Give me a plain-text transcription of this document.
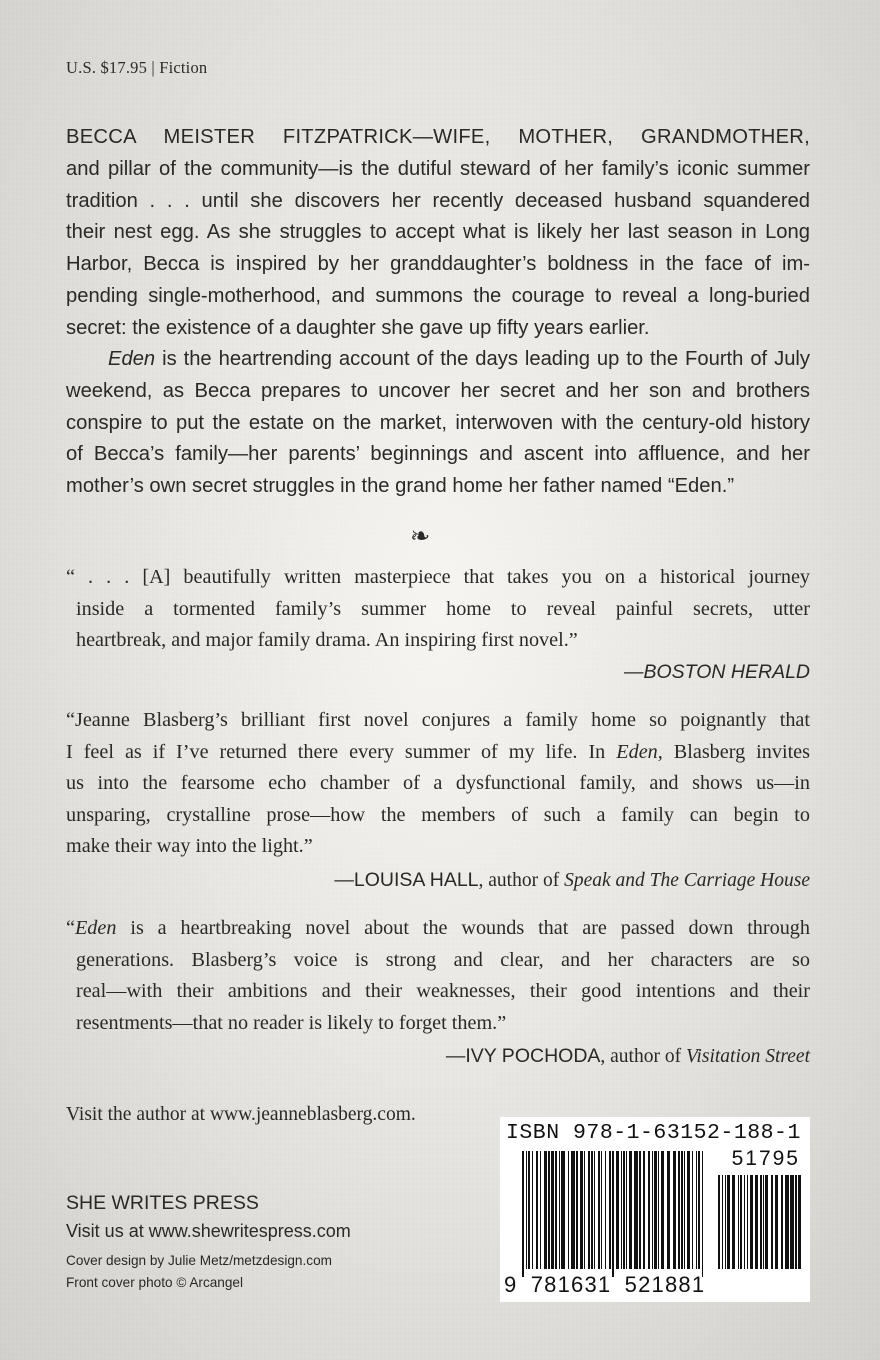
U.S. $17.95 | Fiction
BECCA MEISTER FITZPATRICK—WIFE, MOTHER, GRANDMOTHER,
and pillar of the community—is the dutiful steward of her family’s iconic summer
tradition . . . until she discovers her recently deceased husband squandered
their nest egg. As she struggles to accept what is likely her last season in Long
Harbor, Becca is inspired by her granddaughter’s boldness in the face of im-
pending single-motherhood, and summons the courage to reveal a long-buried
secret: the existence of a daughter she gave up fifty years earlier.
Eden is the heartrending account of the days leading up to the Fourth of July
weekend, as Becca prepares to uncover her secret and her son and brothers
conspire to put the estate on the market, interwoven with the century-old history
of Becca’s family—her parents’ beginnings and ascent into affluence, and her
mother’s own secret struggles in the grand home her father named “Eden.”
❧
“ . . . [A] beautifully written masterpiece that takes you on a historical journey
inside a tormented family’s summer home to reveal painful secrets, utter
heartbreak, and major family drama. An inspiring first novel.”
—BOSTON HERALD
“Jeanne Blasberg’s brilliant first novel conjures a family home so poignantly that
I feel as if I’ve returned there every summer of my life. In Eden, Blasberg invites
us into the fearsome echo chamber of a dysfunctional family, and shows us—in
unsparing, crystalline prose—how the members of such a family can begin to
make their way into the light.”
—LOUISA HALL, author of Speak and The Carriage House
“Eden is a heartbreaking novel about the wounds that are passed down through
generations. Blasberg’s voice is strong and clear, and her characters are so
real—with their ambitions and their weaknesses, their good intentions and their
resentments—that no reader is likely to forget them.”
—IVY POCHODA, author of Visitation Street
Visit the author at www.jeanneblasberg.com.
SHE WRITES PRESS
Visit us at www.shewritespress.com
Cover design by Julie Metz/metzdesign.com
Front cover photo © Arcangel
ISBN 978-1-63152-188-1
51795
9 781631 521881
